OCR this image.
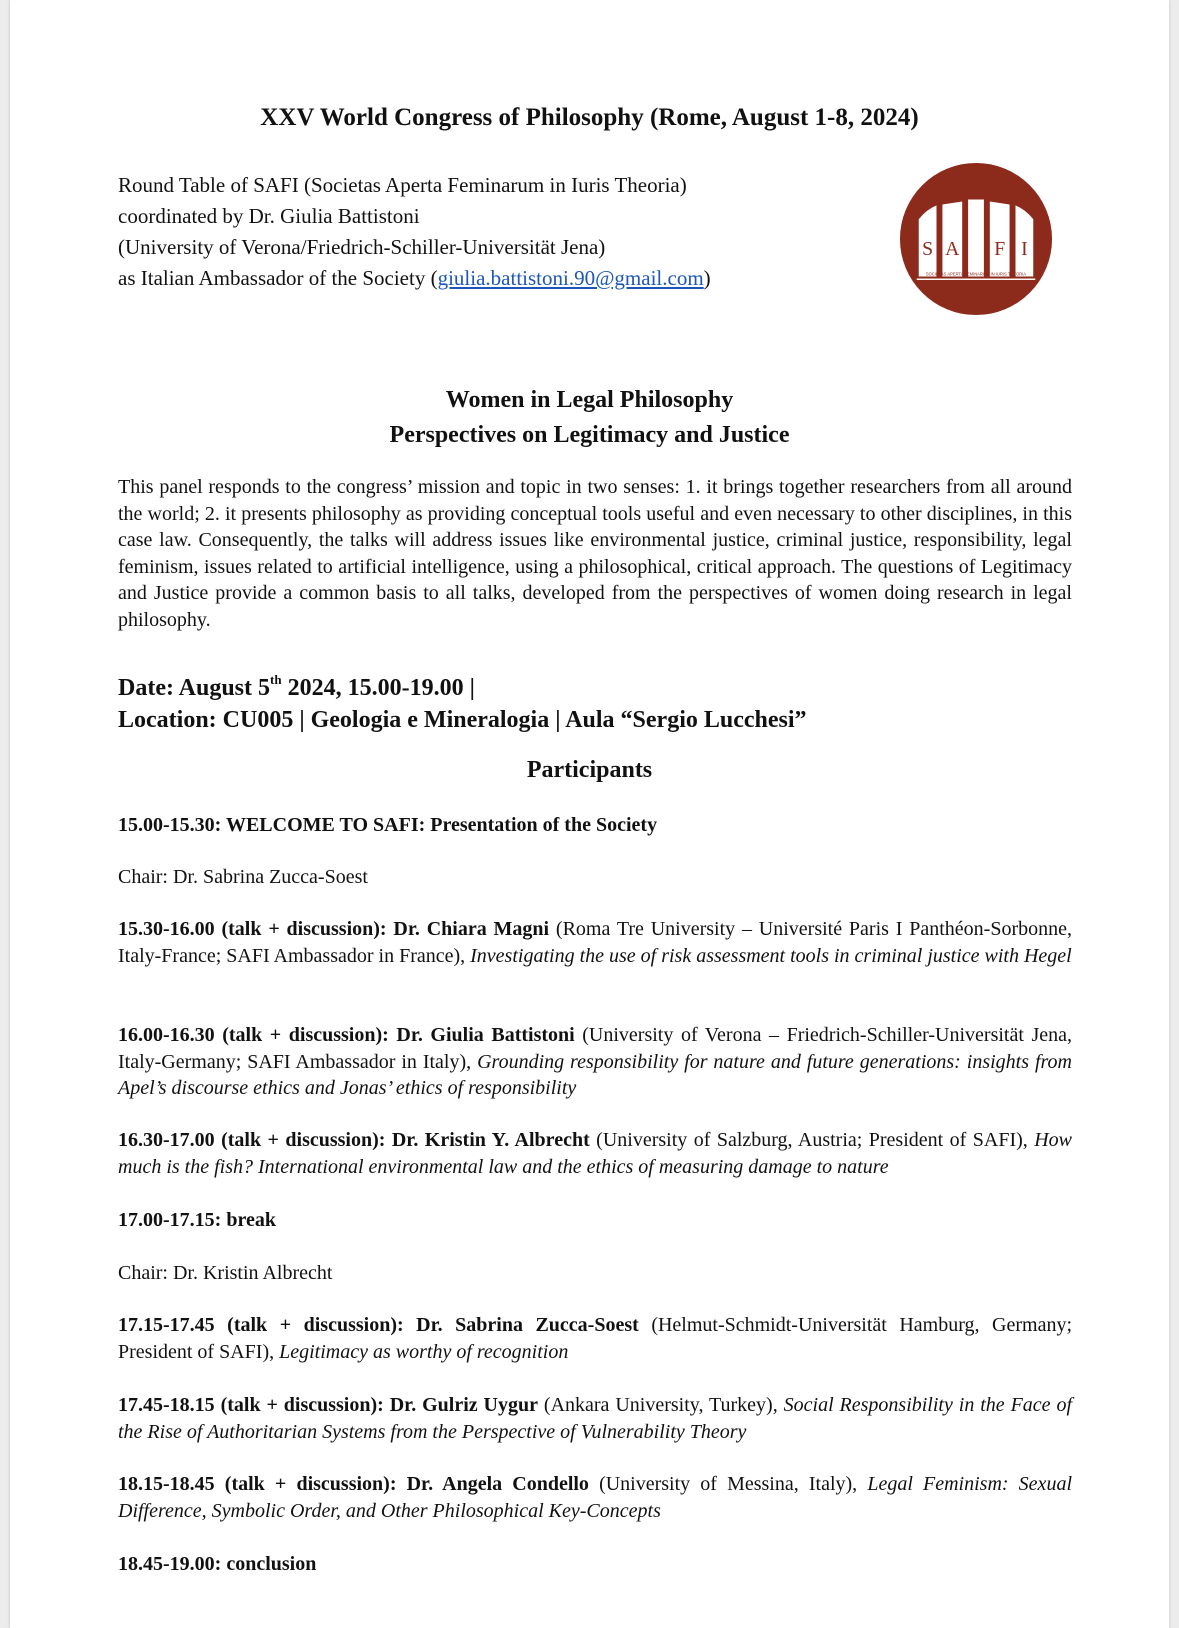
XXV World Congress of Philosophy (Rome, August 1-8, 2024)
Round Table of SAFI (Societas Aperta Feminarum in Iuris Theoria)
coordinated by Dr. Giulia Battistoni
(University of Verona/Friedrich-Schiller-Universität Jena)
as Italian Ambassador of the Society (giulia.battistoni.90@gmail.com)
S A F I
SOCIETAS APERTA FEMINARUM IN IURIS THEORIA
Women in Legal Philosophy
Perspectives on Legitimacy and Justice
This panel responds to the congress’ mission and topic in two senses: 1. it brings together researchers from all around the world; 2. it presents philosophy as providing conceptual tools useful and even necessary to other disciplines, in this case law. Consequently, the talks will address issues like environmental justice, criminal justice, responsibility, legal feminism, issues related to artificial intelligence, using a philosophical, critical approach. The questions of Legitimacy and Justice provide a common basis to all talks, developed from the perspectives of women doing research in legal philosophy.
Date: August 5th 2024, 15.00-19.00 |
Location: CU005 | Geologia e Mineralogia | Aula “Sergio Lucchesi”
Participants
15.00-15.30: WELCOME TO SAFI: Presentation of the Society
Chair: Dr. Sabrina Zucca-Soest
15.30-16.00 (talk + discussion): Dr. Chiara Magni (Roma Tre University – Université Paris I Panthéon-Sorbonne, Italy-France; SAFI Ambassador in France), Investigating the use of risk assessment tools in criminal justice with Hegel
16.00-16.30 (talk + discussion): Dr. Giulia Battistoni (University of Verona – Friedrich-Schiller-Universität Jena, Italy-Germany; SAFI Ambassador in Italy), Grounding responsibility for nature and future generations: insights from Apel’s discourse ethics and Jonas’ ethics of responsibility
16.30-17.00 (talk + discussion): Dr. Kristin Y. Albrecht (University of Salzburg, Austria; President of SAFI), How much is the fish? International environmental law and the ethics of measuring damage to nature
17.00-17.15: break
Chair: Dr. Kristin Albrecht
17.15-17.45 (talk + discussion): Dr. Sabrina Zucca-Soest (Helmut-Schmidt-Universität Hamburg, Germany; President of SAFI), Legitimacy as worthy of recognition
17.45-18.15 (talk + discussion): Dr. Gulriz Uygur (Ankara University, Turkey), Social Responsibility in the Face of the Rise of Authoritarian Systems from the Perspective of Vulnerability Theory
18.15-18.45 (talk + discussion): Dr. Angela Condello (University of Messina, Italy), Legal Feminism: Sexual Difference, Symbolic Order, and Other Philosophical Key-Concepts
18.45-19.00: conclusion
